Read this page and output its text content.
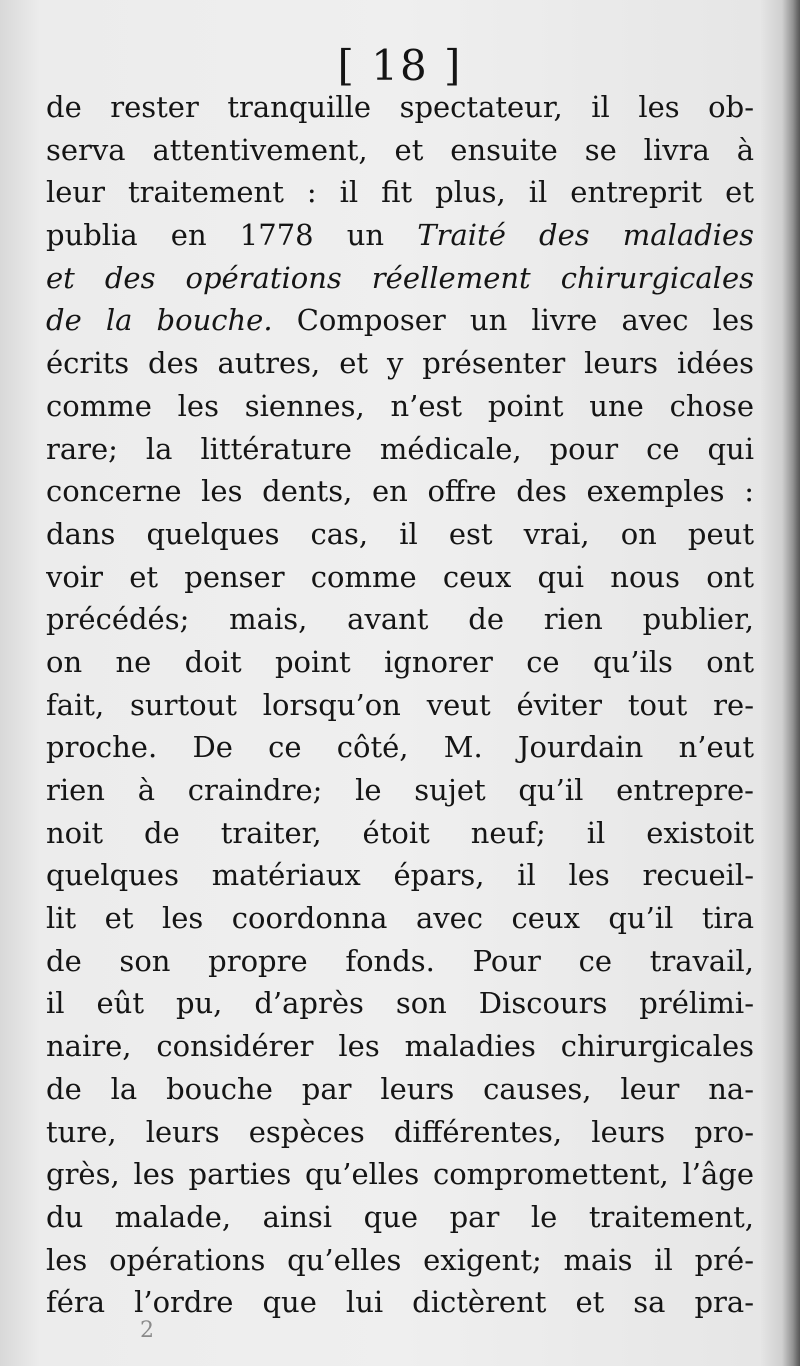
[ 18 ]
de rester tranquille spectateur, il les ob-
serva attentivement, et ensuite se livra à
leur traitement : il fit plus, il entreprit et
publia en 1778 un Traité des maladies
et des opérations réellement chirurgicales
de la bouche. Composer un livre avec les
écrits des autres, et y présenter leurs idées
comme les siennes, n’est point une chose
rare; la littérature médicale, pour ce qui
concerne les dents, en offre des exemples :
dans quelques cas, il est vrai, on peut
voir et penser comme ceux qui nous ont
précédés; mais, avant de rien publier,
on ne doit point ignorer ce qu’ils ont
fait, surtout lorsqu’on veut éviter tout re-
proche. De ce côté, M. Jourdain n’eut
rien à craindre; le sujet qu’il entrepre-
noit de traiter, étoit neuf; il existoit
quelques matériaux épars, il les recueil-
lit et les coordonna avec ceux qu’il tira
de son propre fonds. Pour ce travail,
il eût pu, d’après son Discours prélimi-
naire, considérer les maladies chirurgicales
de la bouche par leurs causes, leur na-
ture, leurs espèces différentes, leurs pro-
grès, les parties qu’elles compromettent, l’âge
du malade, ainsi que par le traitement,
les opérations qu’elles exigent; mais il pré-
féra l’ordre que lui dictèrent et sa pra-
2
